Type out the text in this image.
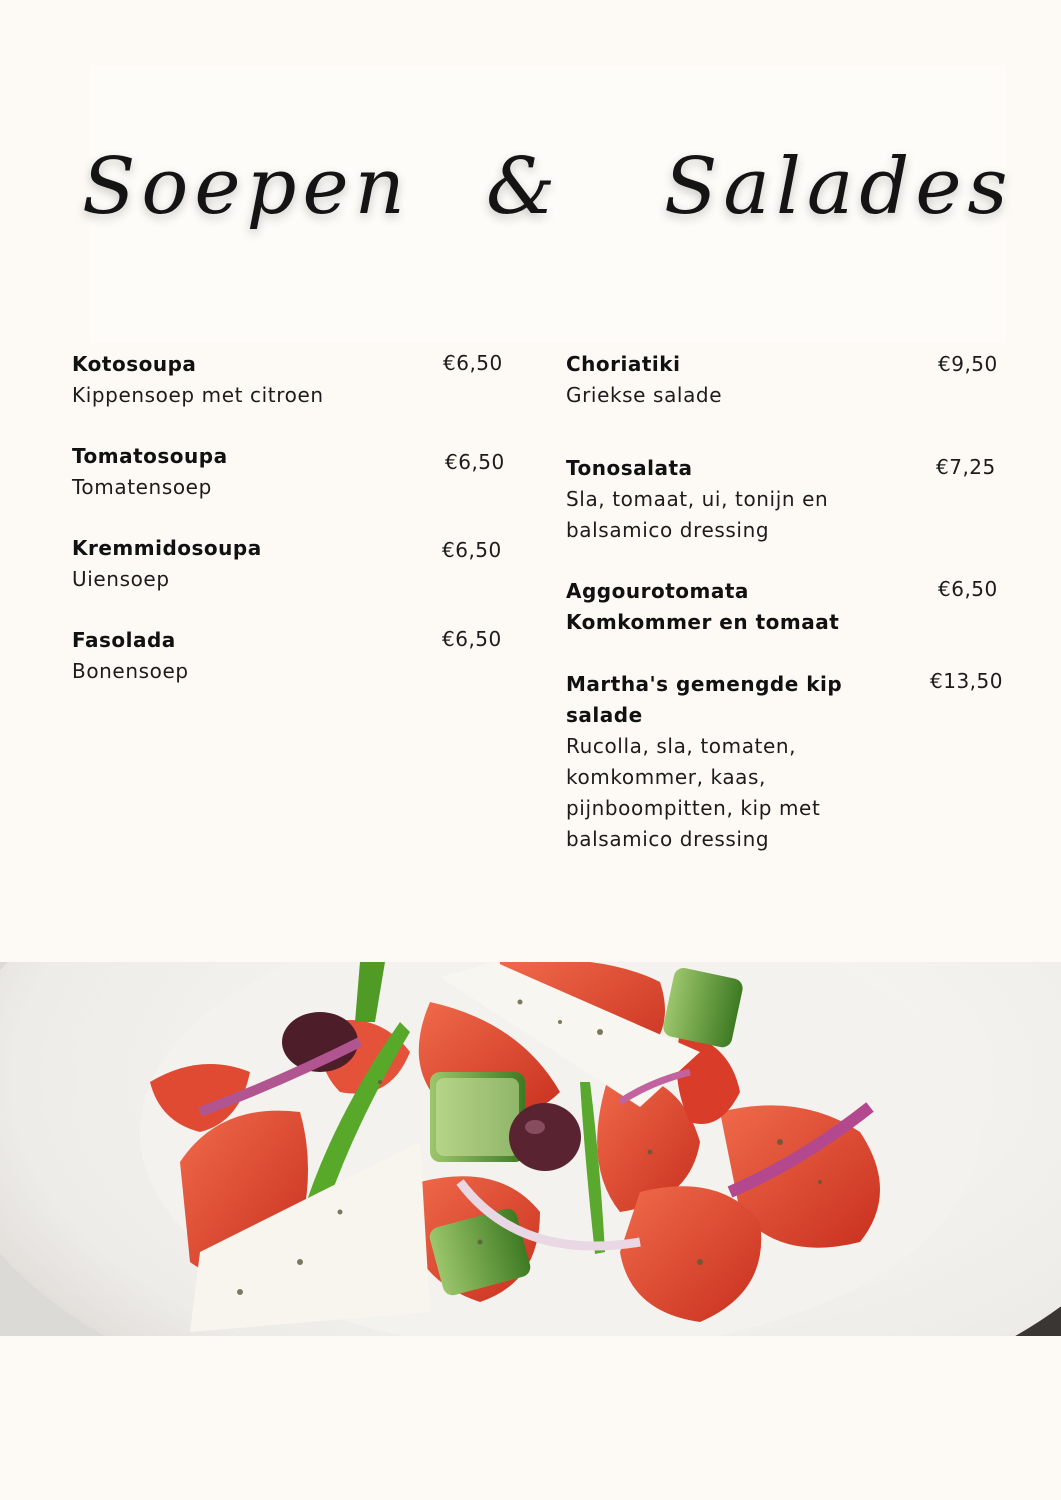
Soepen & Salades
Kotosoupa
Kippensoep met citroen
€6,50
Tomatosoupa
Tomatensoep
€6,50
Kremmidosoupa
Uiensoep
€6,50
Fasolada
Bonensoep
€6,50
Choriatiki
Griekse salade
€9,50
Tonosalata
Sla, tomaat, ui, tonijn en
balsamico dressing
€7,25
Aggourotomata
Komkommer en tomaat
€6,50
Martha's gemengde kip
salade
Rucolla, sla, tomaten,
komkommer, kaas,
pijnboompitten, kip met
balsamico dressing
€13,50
